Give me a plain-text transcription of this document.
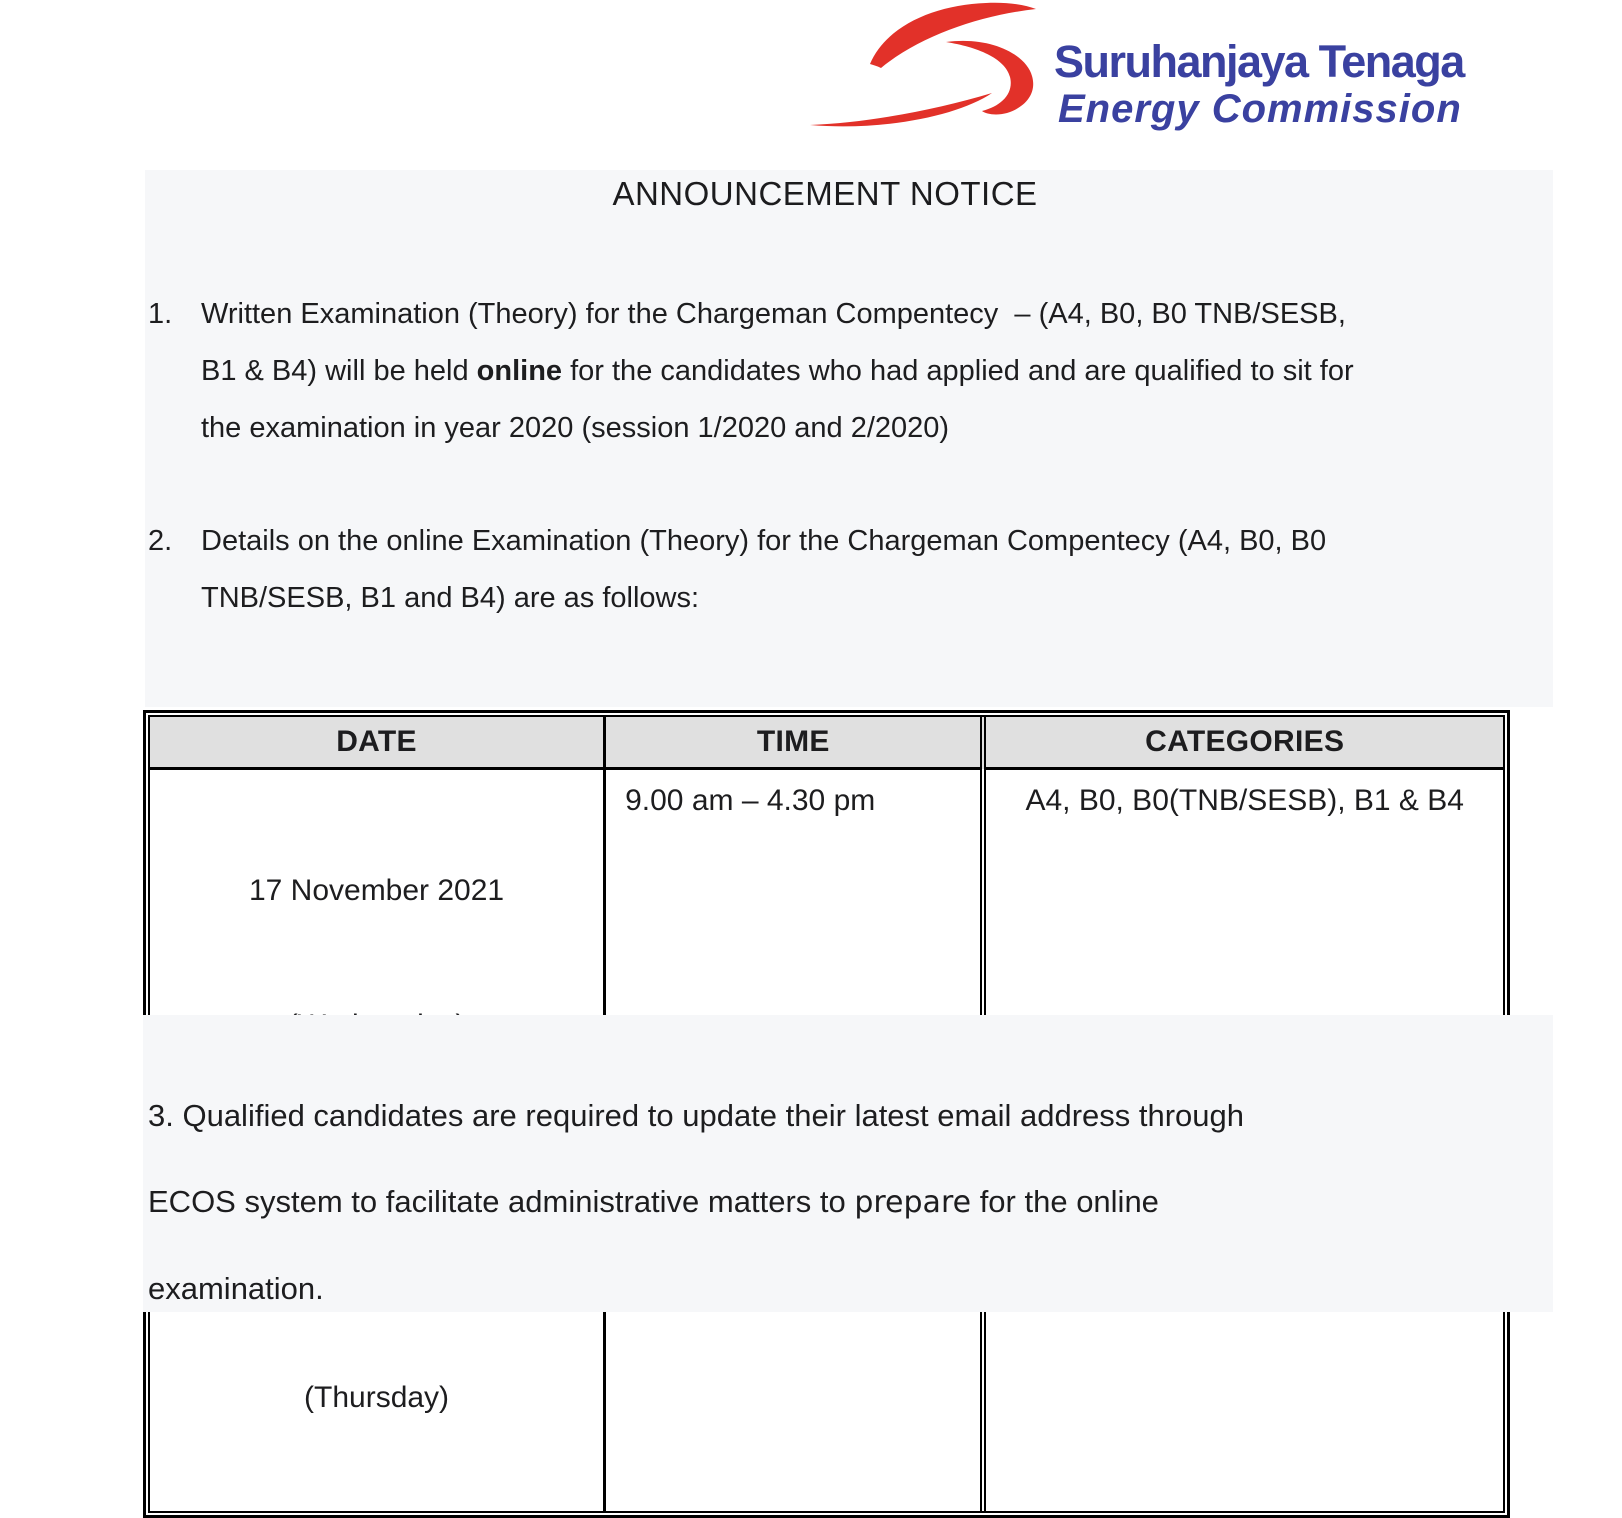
Suruhanjaya Tenaga
Energy Commission
ANNOUNCEMENT NOTICE
1. Written Examination (Theory) for the Chargeman Compentecy  – (A4, B0, B0 TNB/SESB,
B1 & B4) will be held online for the candidates who had applied and are qualified to sit for
the examination in year 2020 (session 1/2020 and 2/2020)
2. Details on the online Examination (Theory) for the Chargeman Compentecy (A4, B0, B0
TNB/SESB, B1 and B4) are as follows:
DATE	TIME	CATEGORIES

17 November 2021	9.00 am – 4.30 pm	A4, B0, B0(TNB/SESB), B1 & B4

(Thursday)

3. Qualified candidates are required to update their latest email address through
ECOS system to facilitate administrative matters to prepare for the online
examination.
